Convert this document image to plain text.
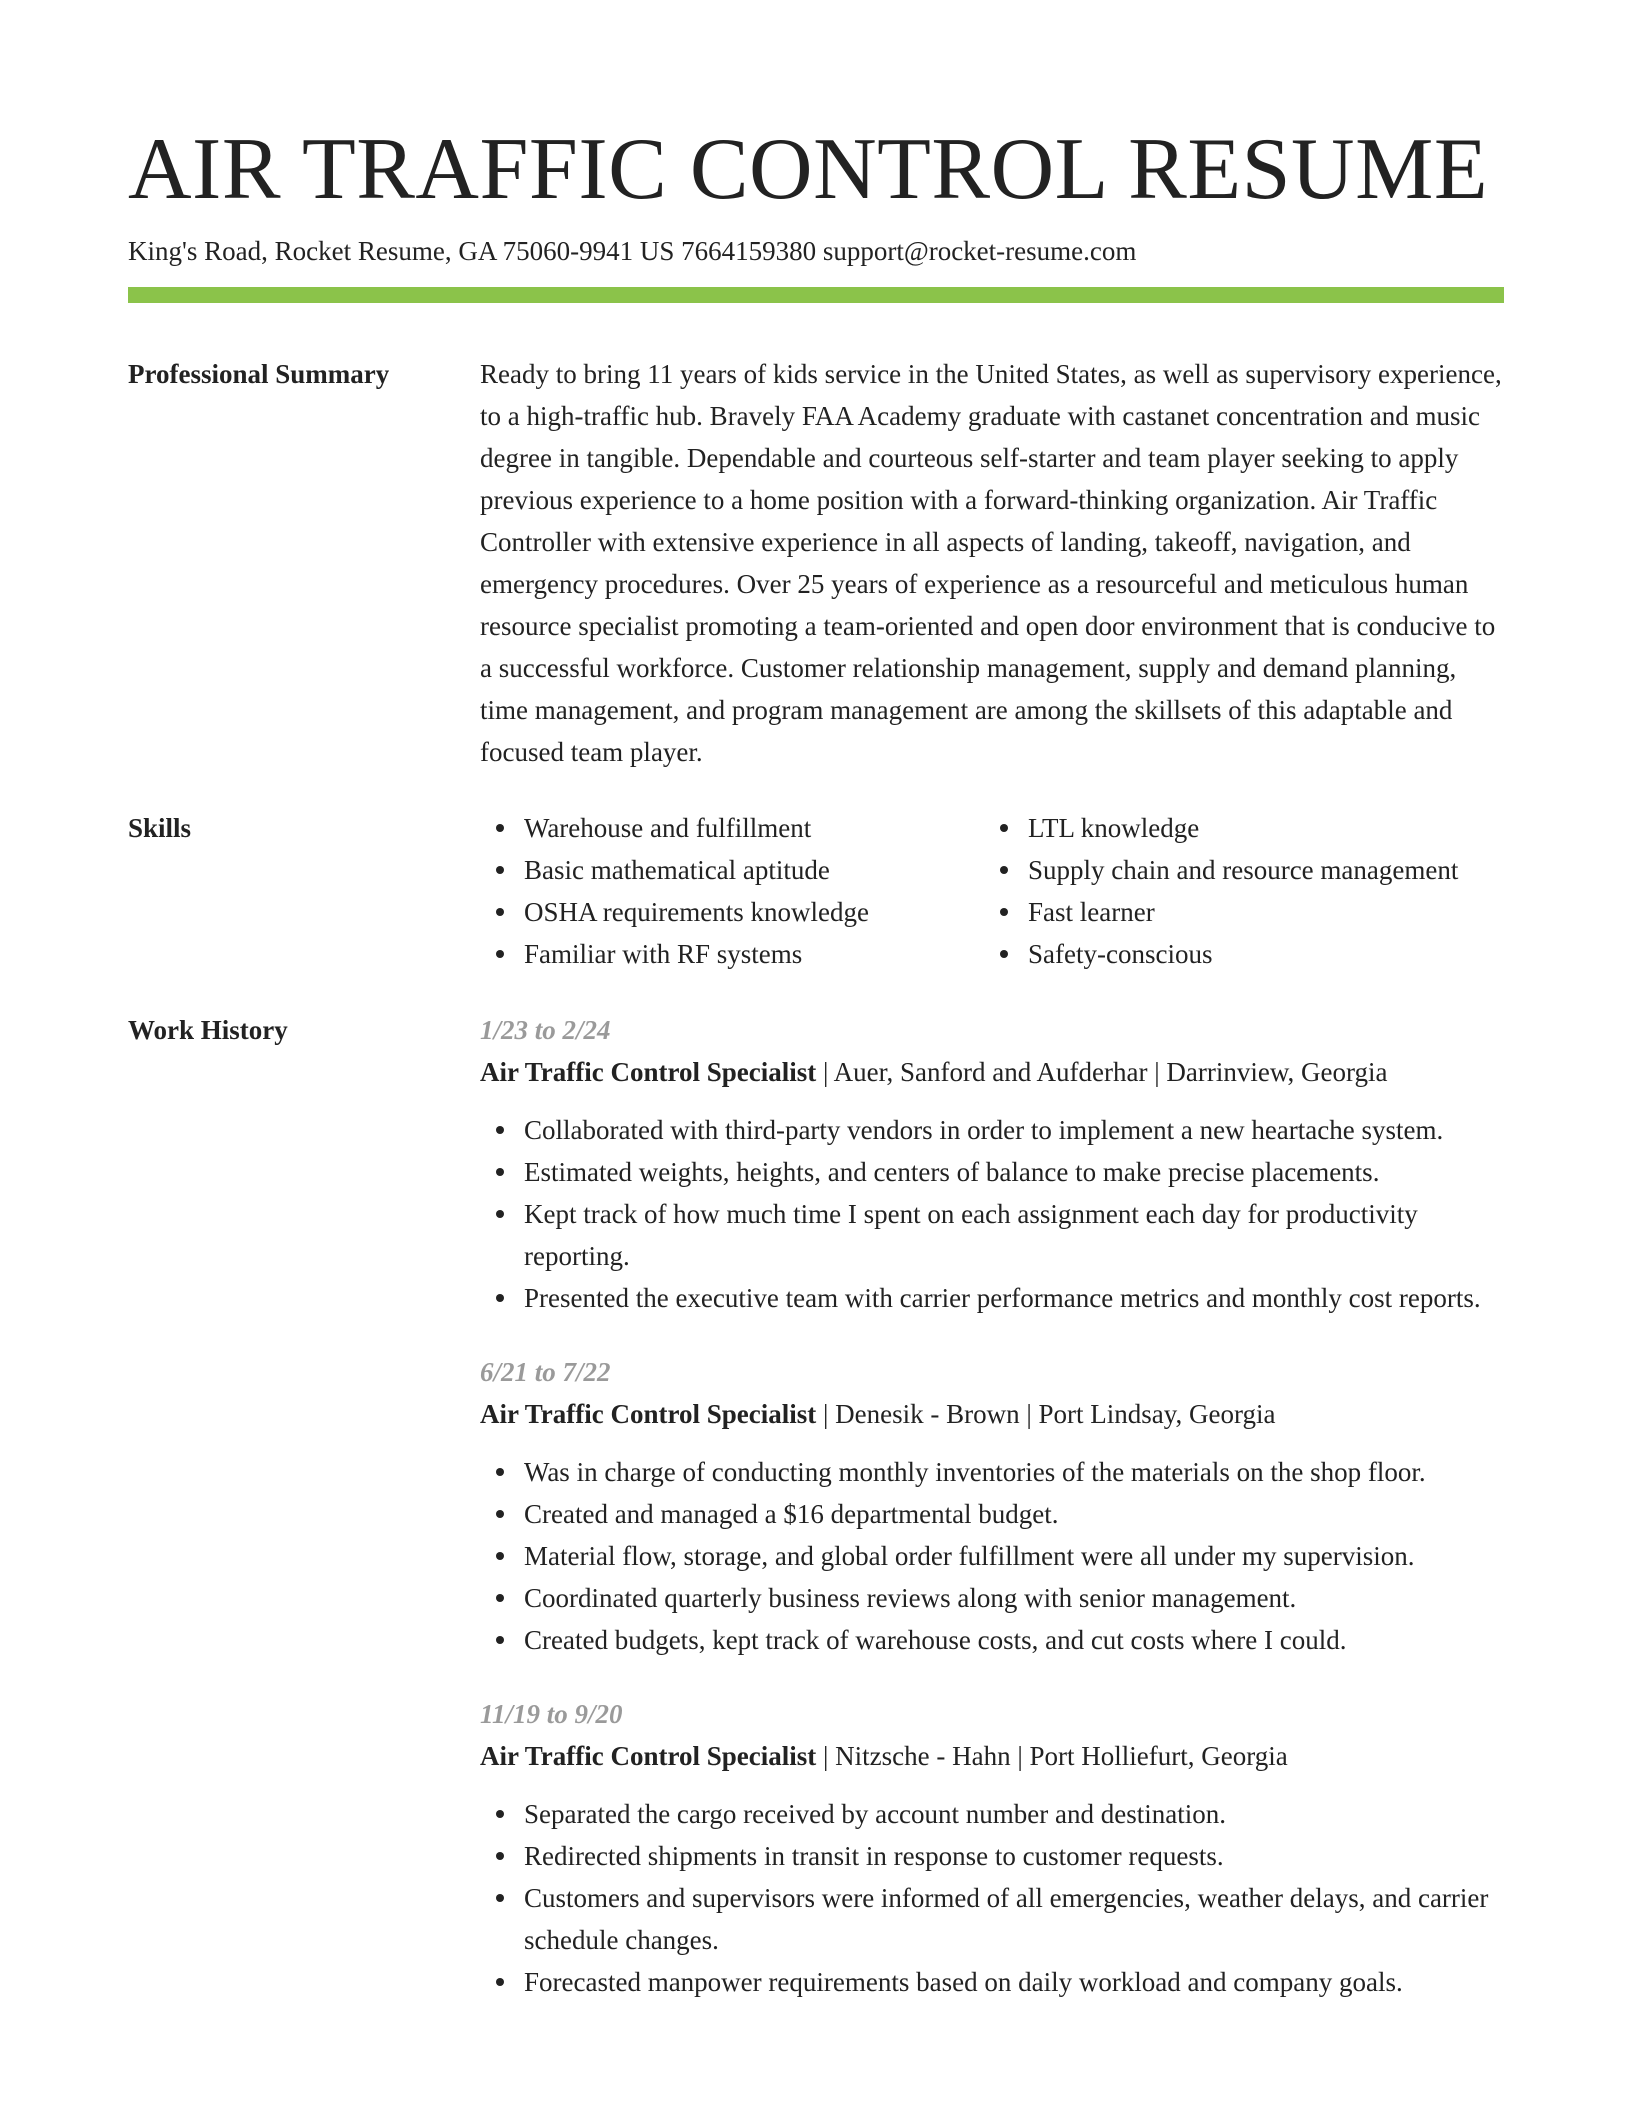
AIR TRAFFIC CONTROL RESUME
King's Road, Rocket Resume, GA 75060-9941 US 7664159380 support@rocket-resume.com
Professional Summary	Ready to bring 11 years of kids service in the United States, as well as supervisory experience, to a high-traffic hub. Bravely FAA Academy graduate with castanet concentration and music degree in tangible. Dependable and courteous self-starter and team player seeking to apply previous experience to a home position with a forward-thinking organization. Air Traffic Controller with extensive experience in all aspects of landing, takeoff, navigation, and emergency procedures. Over 25 years of experience as a resourceful and meticulous human resource specialist promoting a team-oriented and open door environment that is conducive to a successful workforce. Customer relationship management, supply and demand planning, time management, and program management are among the skillsets of this adaptable and focused team player.
Skills	Warehouse and fulfillment
Basic mathematical aptitude
OSHA requirements knowledge
Familiar with RF systems
LTL knowledge
Supply chain and resource management
Fast learner
Safety-conscious
Work History	1/23 to 2/24
Air Traffic Control Specialist | Auer, Sanford and Aufderhar | Darrinview, Georgia
Collaborated with third-party vendors in order to implement a new heartache system.
Estimated weights, heights, and centers of balance to make precise placements.
Kept track of how much time I spent on each assignment each day for productivity reporting.
Presented the executive team with carrier performance metrics and monthly cost reports.
6/21 to 7/22
Air Traffic Control Specialist | Denesik - Brown | Port Lindsay, Georgia
Was in charge of conducting monthly inventories of the materials on the shop floor.
Created and managed a $16 departmental budget.
Material flow, storage, and global order fulfillment were all under my supervision.
Coordinated quarterly business reviews along with senior management.
Created budgets, kept track of warehouse costs, and cut costs where I could.
11/19 to 9/20
Air Traffic Control Specialist | Nitzsche - Hahn | Port Holliefurt, Georgia
Separated the cargo received by account number and destination.
Redirected shipments in transit in response to customer requests.
Customers and supervisors were informed of all emergencies, weather delays, and carrier schedule changes.
Forecasted manpower requirements based on daily workload and company goals.
